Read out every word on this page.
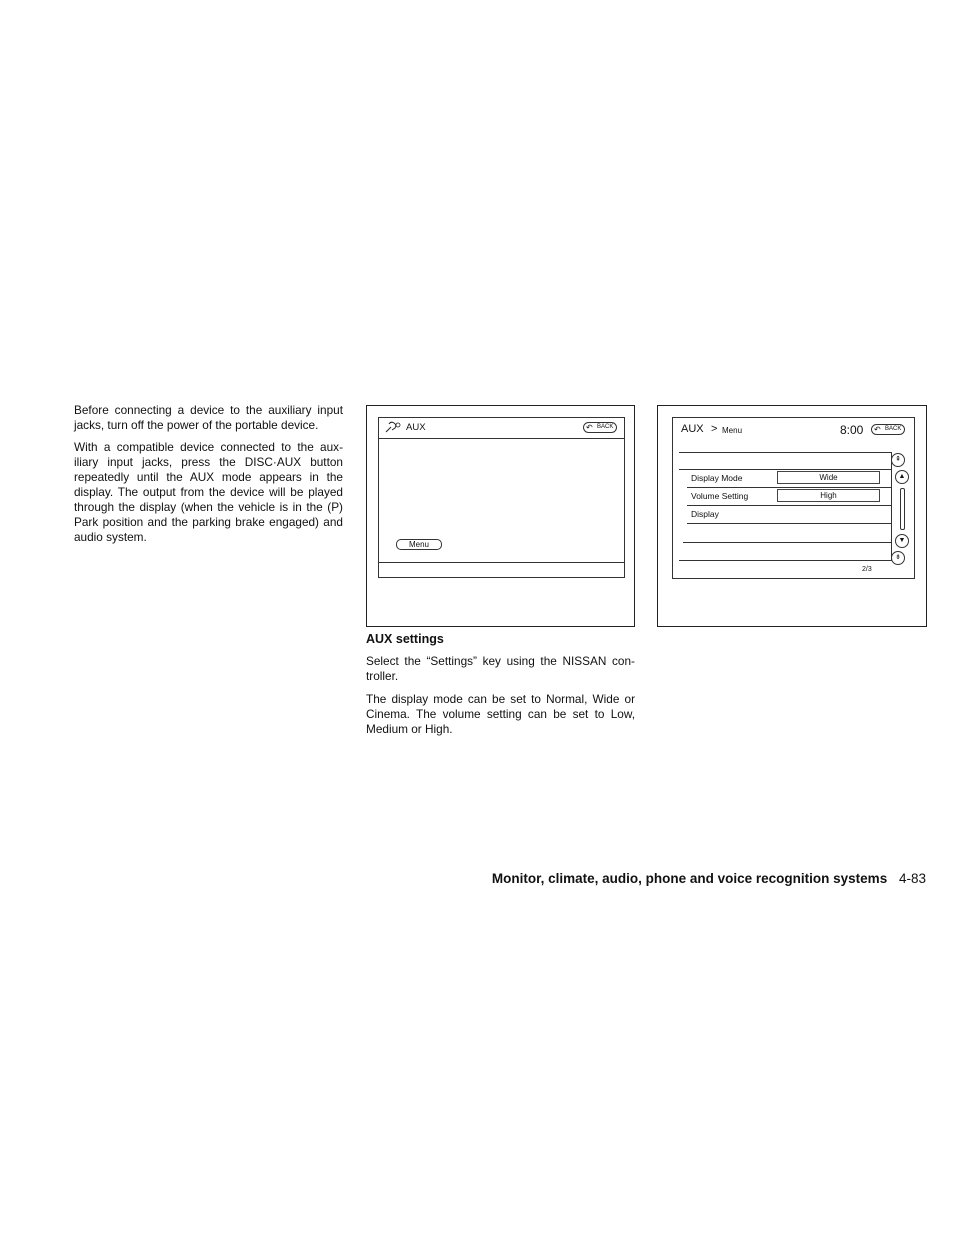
Before connecting a device to the auxiliary input jacks, turn off the power of the portable device.

With a compatible device connected to the aux-iliary input jacks, press the DISC·AUX button repeatedly until the AUX mode appears in the display. The output from the device will be played through the display (when the vehicle is in the (P) Park position and the parking brake engaged) and audio system.

AUX	↶ BACK
Menu
AUX > Menu	8:00 ↶ BACK
Display Mode	Wide
Volume Setting	High
Display
⇞
▲
▼
⇟
2/3
AUX settings

Select the “Settings” key using the NISSAN con-troller.

The display mode can be set to Normal, Wide or Cinema. The volume setting can be set to Low, Medium or High.

Monitor, climate, audio, phone and voice recognition systems 4-83
